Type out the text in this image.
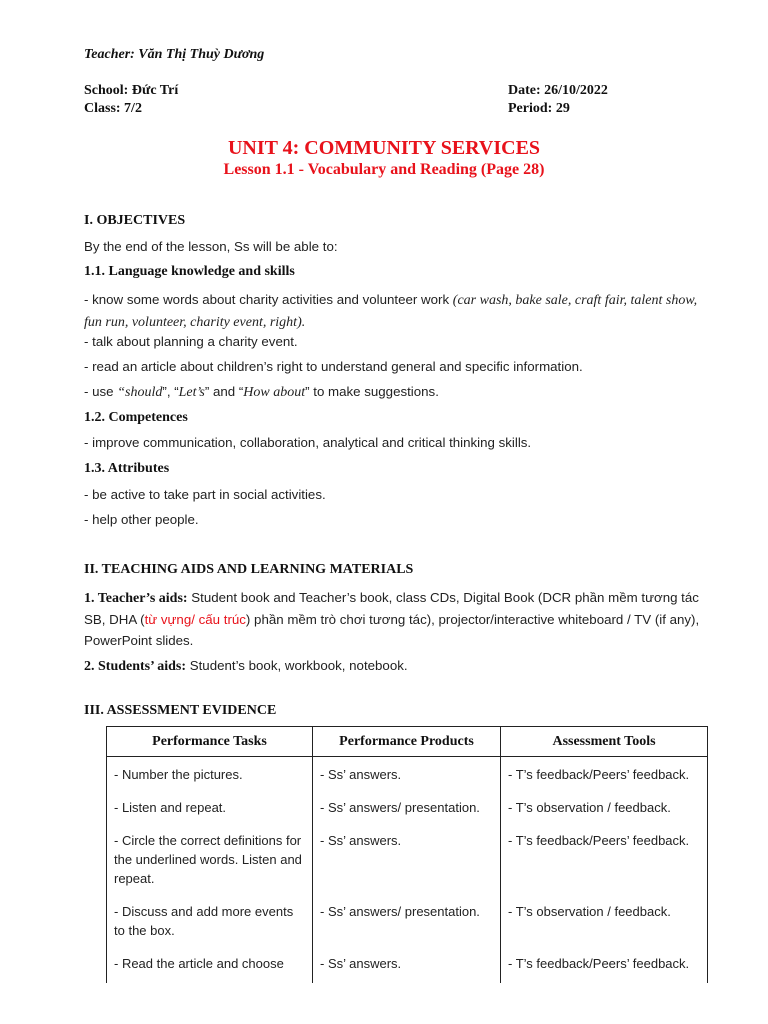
Teacher: Văn Thị Thuỳ Dương
School: Đức Trí
Class: 7/2
Date: 26/10/2022
Period: 29
UNIT 4: COMMUNITY SERVICES
Lesson 1.1 - Vocabulary and Reading (Page 28)
I. OBJECTIVES
By the end of the lesson, Ss will be able to:
1.1. Language knowledge and skills
- know some words about charity activities and volunteer work (car wash, bake sale, craft fair, talent show, fun run, volunteer, charity event, right).
- talk about planning a charity event.
- read an article about children’s right to understand general and specific information.
- use “should”, “Let’s” and “How about” to make suggestions.
1.2. Competences
- improve communication, collaboration, analytical and critical thinking skills.
1.3. Attributes
- be active to take part in social activities.
- help other people.
II. TEACHING AIDS AND LEARNING MATERIALS
1. Teacher’s aids: Student book and Teacher’s book, class CDs, Digital Book (DCR phần mềm tương tác SB, DHA (từ vựng/ cấu trúc) phần mềm trò chơi tương tác), projector/interactive whiteboard / TV (if any), PowerPoint slides.
2. Students’ aids: Student’s book, workbook, notebook.
III. ASSESSMENT EVIDENCE
Performance Tasks	Performance Products	Assessment Tools
- Number the pictures.	- Ss’ answers.	- T’s feedback/Peers’ feedback.
- Listen and repeat.	- Ss’ answers/ presentation.	- T’s observation / feedback.
- Circle the correct definitions for the underlined words. Listen and repeat.	- Ss’ answers.	- T’s feedback/Peers’ feedback.
- Discuss and add more events to the box.	- Ss’ answers/ presentation.	- T’s observation / feedback.
- Read the article and choose	- Ss’ answers.	- T’s feedback/Peers’ feedback.
